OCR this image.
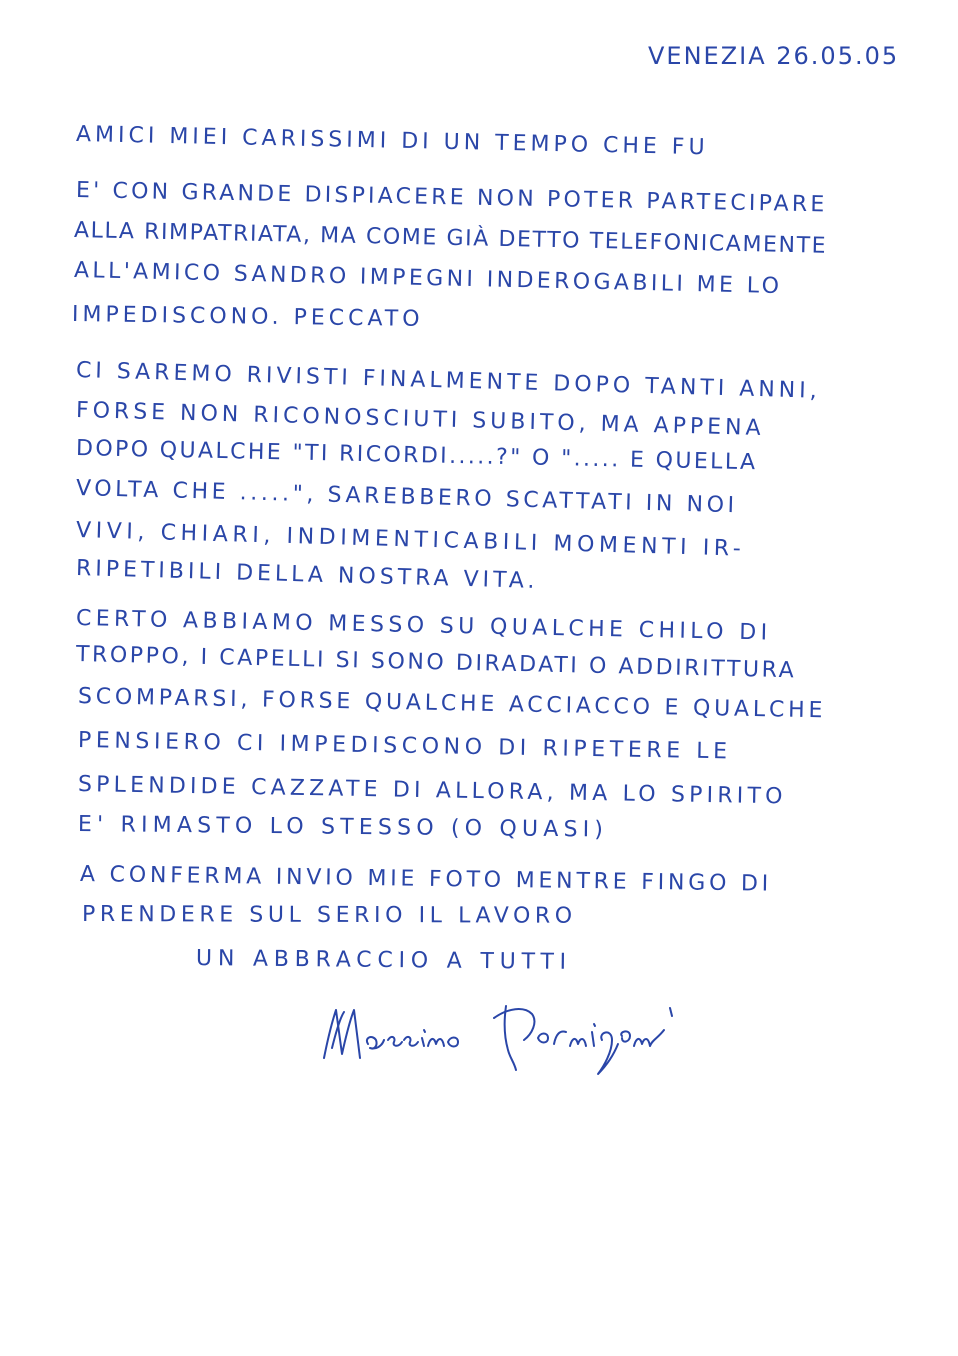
VENEZIA 26.05.05
AMICI MIEI CARISSIMI DI UN TEMPO CHE FU
E' CON GRANDE DISPIACERE NON POTER PARTECIPARE
ALLA RIMPATRIATA, MA COME GIÀ DETTO TELEFONICAMENTE
ALL'AMICO SANDRO IMPEGNI INDEROGABILI ME LO
IMPEDISCONO. PECCATO
CI SAREMO RIVISTI FINALMENTE DOPO TANTI ANNI,
FORSE NON RICONOSCIUTI SUBITO, MA APPENA
DOPO QUALCHE "TI RICORDI.....?" O "..... E QUELLA
VOLTA CHE .....", SAREBBERO SCATTATI IN NOI
VIVI, CHIARI, INDIMENTICABILI MOMENTI IR-
RIPETIBILI DELLA NOSTRA VITA.
CERTO ABBIAMO MESSO SU QUALCHE CHILO DI
TROPPO, I CAPELLI SI SONO DIRADATI O ADDIRITTURA
SCOMPARSI, FORSE QUALCHE ACCIACCO E QUALCHE
PENSIERO CI IMPEDISCONO DI RIPETERE LE
SPLENDIDE CAZZATE DI ALLORA, MA LO SPIRITO
E' RIMASTO LO STESSO (O QUASI)
A CONFERMA INVIO MIE FOTO MENTRE FINGO DI
PRENDERE SUL SERIO IL LAVORO
UN ABBRACCIO A TUTTI
